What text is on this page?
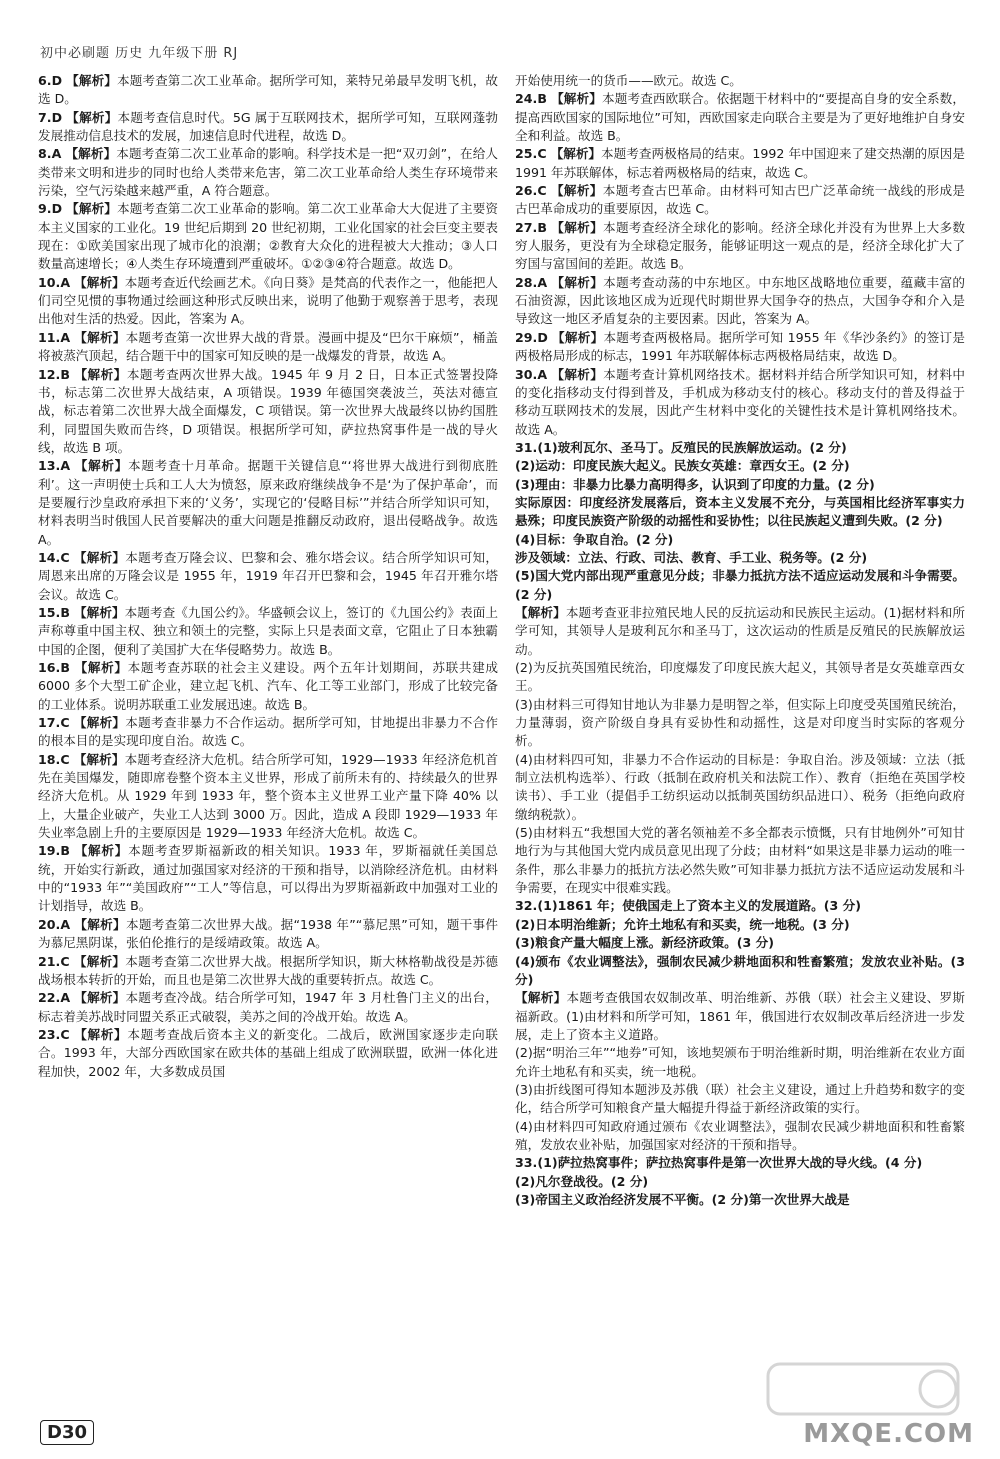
初中必刷题 历史 九年级下册 RJ

6.D 【解析】本题考查第二次工业革命。据所学可知，莱特兄弟最早发明飞机，故选 D。

7.D 【解析】本题考查信息时代。5G 属于互联网技术，据所学可知，互联网蓬勃发展推动信息技术的发展，加速信息时代进程，故选 D。

8.A 【解析】本题考查第二次工业革命的影响。科学技术是一把“双刃剑”，在给人类带来文明和进步的同时也给人类带来危害，第二次工业革命给人类生存环境带来污染，空气污染越来越严重，A 符合题意。

9.D 【解析】本题考查第二次工业革命的影响。第二次工业革命大大促进了主要资本主义国家的工业化。19 世纪后期到 20 世纪初期，工业化国家的社会巨变主要表现在：①欧美国家出现了城市化的浪潮；②教育大众化的进程被大大推动；③人口数量高速增长；④人类生存环境遭到严重破坏。①②③④符合题意。故选 D。

10.A 【解析】本题考查近代绘画艺术。《向日葵》是梵高的代表作之一，他能把人们司空见惯的事物通过绘画这种形式反映出来，说明了他勤于观察善于思考，表现出他对生活的热爱。因此，答案为 A。

11.A 【解析】本题考查第一次世界大战的背景。漫画中提及“巴尔干麻烦”，桶盖将被蒸汽顶起，结合题干中的国家可知反映的是一战爆发的背景，故选 A。

12.B 【解析】本题考查两次世界大战。1945 年 9 月 2 日，日本正式签署投降书，标志第二次世界大战结束，A 项错误。1939 年德国突袭波兰，英法对德宣战，标志着第二次世界大战全面爆发，C 项错误。第一次世界大战最终以协约国胜利，同盟国失败而告终，D 项错误。根据所学可知，萨拉热窝事件是一战的导火线，故选 B 项。

13.A 【解析】本题考查十月革命。据题干关键信息“‘将世界大战进行到彻底胜利’。这一声明使士兵和工人大为愤怒，原来政府继续战争不是‘为了保护革命’，而是要履行沙皇政府承担下来的‘义务’，实现它的‘侵略目标’”并结合所学知识可知，材料表明当时俄国人民首要解决的重大问题是推翻反动政府，退出侵略战争。故选 A。

14.C 【解析】本题考查万隆会议、巴黎和会、雅尔塔会议。结合所学知识可知，周恩来出席的万隆会议是 1955 年，1919 年召开巴黎和会，1945 年召开雅尔塔会议。故选 C。

15.B 【解析】本题考查《九国公约》。华盛顿会议上，签订的《九国公约》表面上声称尊重中国主权、独立和领土的完整，实际上只是表面文章，它阻止了日本独霸中国的企图，便利了美国扩大在华侵略势力。故选 B。

16.B 【解析】本题考查苏联的社会主义建设。两个五年计划期间，苏联共建成 6000 多个大型工矿企业，建立起飞机、汽车、化工等工业部门，形成了比较完备的工业体系。说明苏联重工业发展迅速。故选 B。

17.C 【解析】本题考查非暴力不合作运动。据所学可知，甘地提出非暴力不合作的根本目的是实现印度自治。故选 C。

18.C 【解析】本题考查经济大危机。结合所学可知，1929—1933 年经济危机首先在美国爆发，随即席卷整个资本主义世界，形成了前所未有的、持续最久的世界经济大危机。从 1929 年到 1933 年，整个资本主义世界工业产量下降 40% 以上，大量企业破产，失业工人达到 3000 万。因此，造成 A 段即 1929—1933 年失业率急剧上升的主要原因是 1929—1933 年经济大危机。故选 C。

19.B 【解析】本题考查罗斯福新政的相关知识。1933 年，罗斯福就任美国总统，开始实行新政，通过加强国家对经济的干预和指导，以消除经济危机。由材料中的“1933 年”“美国政府”“工人”等信息，可以得出为罗斯福新政中加强对工业的计划指导，故选 B。

20.A 【解析】本题考查第二次世界大战。据“1938 年”“慕尼黑”可知，题干事件为慕尼黑阴谋，张伯伦推行的是绥靖政策。故选 A。

21.C 【解析】本题考查第二次世界大战。根据所学知识，斯大林格勒战役是苏德战场根本转折的开始，而且也是第二次世界大战的重要转折点。故选 C。

22.A 【解析】本题考查冷战。结合所学可知，1947 年 3 月杜鲁门主义的出台，标志着美苏战时同盟关系正式破裂，美苏之间的冷战开始。故选 A。

23.C 【解析】本题考查战后资本主义的新变化。二战后，欧洲国家逐步走向联合。1993 年，大部分西欧国家在欧共体的基础上组成了欧洲联盟，欧洲一体化进程加快，2002 年，大多数成员国

开始使用统一的货币——欧元。故选 C。

24.B 【解析】本题考查西欧联合。依据题干材料中的“要提高自身的安全系数，提高西欧国家的国际地位”可知，西欧国家走向联合主要是为了更好地维护自身安全和利益。故选 B。

25.C 【解析】本题考查两极格局的结束。1992 年中国迎来了建交热潮的原因是 1991 年苏联解体，标志着两极格局的结束，故选 C。

26.C 【解析】本题考查古巴革命。由材料可知古巴广泛革命统一战线的形成是古巴革命成功的重要原因，故选 C。

27.B 【解析】本题考查经济全球化的影响。经济全球化并没有为世界上大多数穷人服务，更没有为全球稳定服务，能够证明这一观点的是，经济全球化扩大了穷国与富国间的差距。故选 B。

28.A 【解析】本题考查动荡的中东地区。中东地区战略地位重要，蕴藏丰富的石油资源，因此该地区成为近现代时期世界大国争夺的热点，大国争夺和介入是导致这一地区矛盾复杂的主要因素。因此，答案为 A。

29.D 【解析】本题考查两极格局。据所学可知 1955 年《华沙条约》的签订是两极格局形成的标志，1991 年苏联解体标志两极格局结束，故选 D。

30.A 【解析】本题考查计算机网络技术。据材料并结合所学知识可知，材料中的变化指移动支付得到普及，手机成为移动支付的核心。移动支付的普及得益于移动互联网技术的发展，因此产生材料中变化的关键性技术是计算机网络技术。故选 A。

31.(1)玻利瓦尔、圣马丁。反殖民的民族解放运动。(2 分)

(2)运动：印度民族大起义。民族女英雄：章西女王。(2 分)

(3)理由：非暴力比暴力高明得多，认识到了印度的力量。(2 分)

实际原因：印度经济发展落后，资本主义发展不充分，与英国相比经济军事实力悬殊；印度民族资产阶级的动摇性和妥协性；以往民族起义遭到失败。(2 分)

(4)目标：争取自治。(2 分)

涉及领域：立法、行政、司法、教育、手工业、税务等。(2 分)

(5)国大党内部出现严重意见分歧；非暴力抵抗方法不适应运动发展和斗争需要。(2 分)

【解析】本题考查亚非拉殖民地人民的反抗运动和民族民主运动。(1)据材料和所学可知，其领导人是玻利瓦尔和圣马丁，这次运动的性质是反殖民的民族解放运动。

(2)为反抗英国殖民统治，印度爆发了印度民族大起义，其领导者是女英雄章西女王。

(3)由材料三可得知甘地认为非暴力是明智之举，但实际上印度受英国殖民统治，力量薄弱，资产阶级自身具有妥协性和动摇性，这是对印度当时实际的客观分析。

(4)由材料四可知，非暴力不合作运动的目标是：争取自治。涉及领域：立法（抵制立法机构选举）、行政（抵制在政府机关和法院工作）、教育（拒绝在英国学校读书）、手工业（提倡手工纺织运动以抵制英国纺织品进口）、税务（拒绝向政府缴纳税款）。

(5)由材料五“我想国大党的著名领袖差不多全都表示愤慨，只有甘地例外”可知甘地行为与其他国大党内成员意见出现了分歧；由材料“如果这是非暴力运动的唯一条件，那么非暴力的抵抗方法必然失败”可知非暴力抵抗方法不适应运动发展和斗争需要，在现实中很难实践。

32.(1)1861 年；使俄国走上了资本主义的发展道路。(3 分)

(2)日本明治维新；允许土地私有和买卖，统一地税。(3 分)

(3)粮食产量大幅度上涨。新经济政策。(3 分)

(4)颁布《农业调整法》，强制农民减少耕地面积和牲畜繁殖；发放农业补贴。(3 分)

【解析】本题考查俄国农奴制改革、明治维新、苏俄（联）社会主义建设、罗斯福新政。(1)由材料和所学可知，1861 年，俄国进行农奴制改革后经济进一步发展，走上了资本主义道路。

(2)据“明治三年”“地券”可知，该地契颁布于明治维新时期，明治维新在农业方面允许土地私有和买卖，统一地税。

(3)由折线图可得知本题涉及苏俄（联）社会主义建设，通过上升趋势和数字的变化，结合所学可知粮食产量大幅提升得益于新经济政策的实行。

(4)由材料四可知政府通过颁布《农业调整法》，强制农民减少耕地面积和牲畜繁殖，发放农业补贴，加强国家对经济的干预和指导。

33.(1)萨拉热窝事件；萨拉热窝事件是第一次世界大战的导火线。(4 分)

(2)凡尔登战役。(2 分)

(3)帝国主义政治经济发展不平衡。(2 分)第一次世界大战是

D30	MXQE.COM
